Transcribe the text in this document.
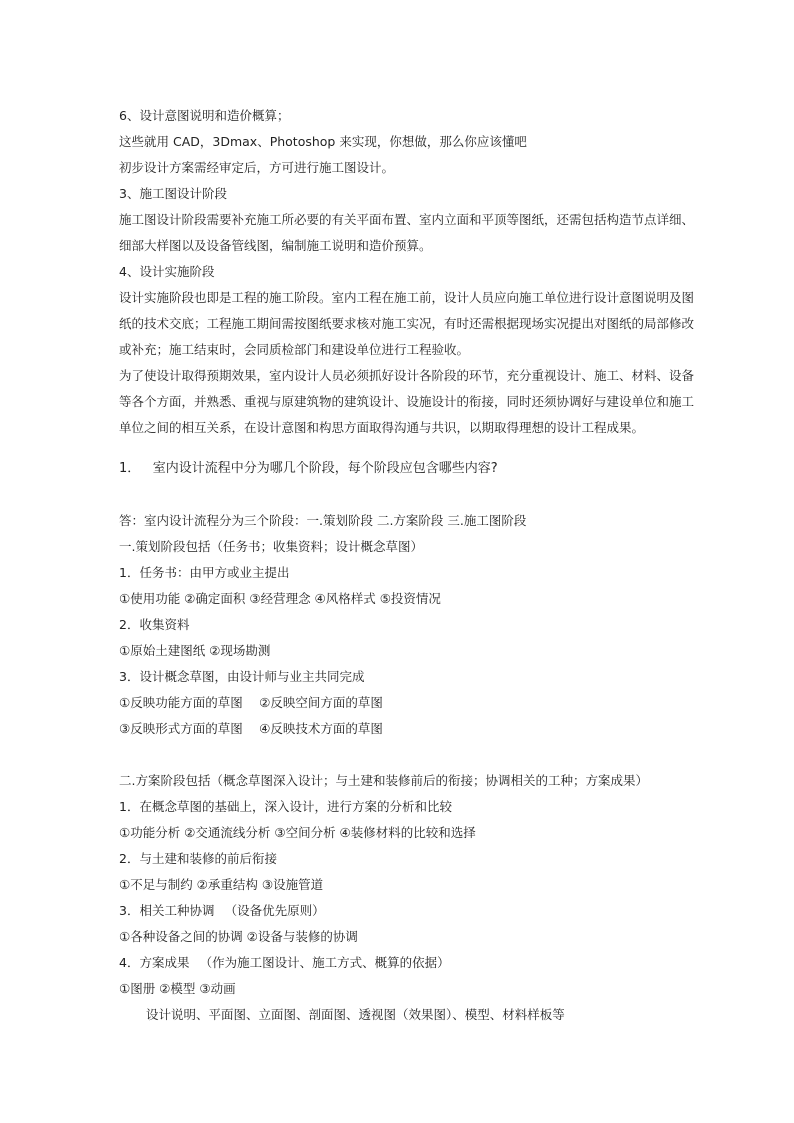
6、设计意图说明和造价概算；

这些就用 CAD，3Dmax、Photoshop 来实现，你想做，那么你应该懂吧

初步设计方案需经审定后，方可进行施工图设计。

3、施工图设计阶段

施工图设计阶段需要补充施工所必要的有关平面布置、室内立面和平顶等图纸，还需包括构造节点详细、

细部大样图以及设备管线图，编制施工说明和造价预算。

4、设计实施阶段

设计实施阶段也即是工程的施工阶段。室内工程在施工前，设计人员应向施工单位进行设计意图说明及图

纸的技术交底；工程施工期间需按图纸要求核对施工实况，有时还需根据现场实况提出对图纸的局部修改

或补充；施工结束时，会同质检部门和建设单位进行工程验收。

为了使设计取得预期效果，室内设计人员必须抓好设计各阶段的环节，充分重视设计、施工、材料、设备

等各个方面，并熟悉、重视与原建筑物的建筑设计、设施设计的衔接，同时还须协调好与建设单位和施工

单位之间的相互关系，在设计意图和构思方面取得沟通与共识，以期取得理想的设计工程成果。

1． 室内设计流程中分为哪几个阶段，每个阶段应包含哪些内容?

答：室内设计流程分为三个阶段：一.策划阶段 二.方案阶段 三.施工图阶段

一.策划阶段包括（任务书；收集资料；设计概念草图）

1．任务书：由甲方或业主提出

①使用功能 ②确定面积 ③经营理念 ④风格样式 ⑤投资情况

2．收集资料

①原始土建图纸 ②现场勘测

3．设计概念草图，由设计师与业主共同完成

①反映功能方面的草图 　②反映空间方面的草图

③反映形式方面的草图 　④反映技术方面的草图

二.方案阶段包括（概念草图深入设计；与土建和装修前后的衔接；协调相关的工种；方案成果）

1．在概念草图的基础上，深入设计，进行方案的分析和比较

①功能分析 ②交通流线分析 ③空间分析 ④装修材料的比较和选择

2．与土建和装修的前后衔接

①不足与制约 ②承重结构 ③设施管道

3．相关工种协调 　（设备优先原则）

①各种设备之间的协调 ②设备与装修的协调

4．方案成果 　（作为施工图设计、施工方式、概算的依据）

①图册 ②模型 ③动画

设计说明、平面图、立面图、剖面图、透视图（效果图）、模型、材料样板等
